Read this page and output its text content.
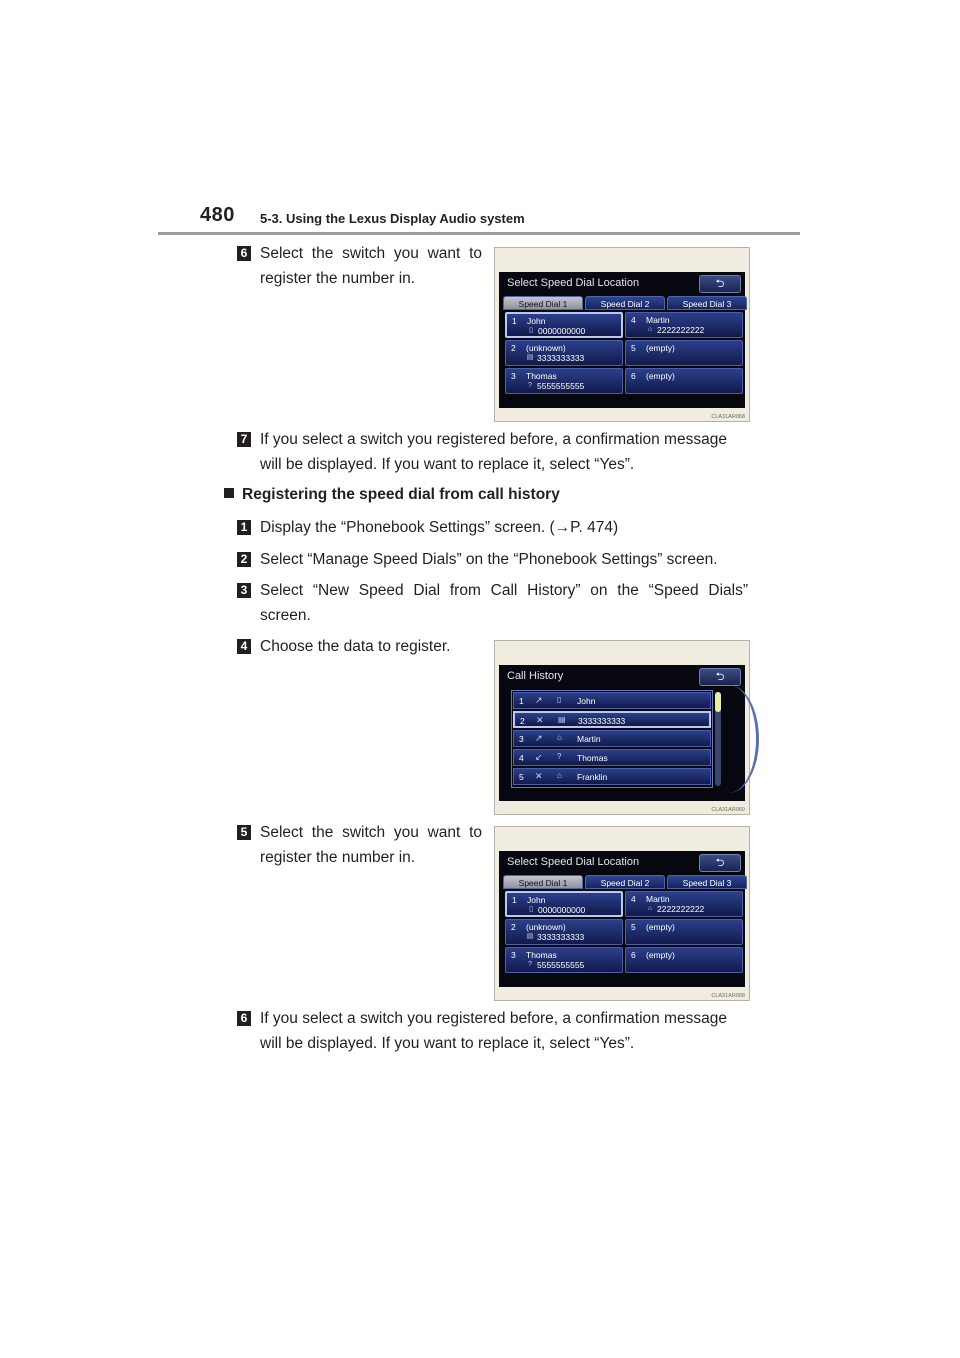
480 5-3. Using the Lexus Display Audio system
6 Select the switch you want to
register the number in.	Select Speed Dial Location	⮌
Speed Dial 1	Speed Dial 2	Speed Dial 3
1 John
▯ 0000000000
2 (unknown)
▤ 3333333333
3 Thomas
? 5555555555
4 Martin
⌂ 2222222222
5 (empty)
6 (empty)
CLA31AR068
7 If you select a switch you registered before, a confirmation message will be displayed. If you want to replace it, select “Yes”.
Registering the speed dial from call history
1 Display the “Phonebook Settings” screen. (→P. 474)
2 Select “Manage Speed Dials” on the “Phonebook Settings” screen.
3 Select “New Speed Dial from Call History” on the “Speed Dials”
screen.
4 Choose the data to register.
Call History	⮌
1 ↗ ▯ John
2 ✕ ▤ 3333333333
3 ↗ ⌂ Martin
4 ↙ ? Thomas
5 ✕ ⌂ Franklin
CLA31AR069
5 Select the switch you want to
register the number in.	Select Speed Dial Location	⮌
Speed Dial 1	Speed Dial 2	Speed Dial 3
1 John
▯ 0000000000
2 (unknown)
▤ 3333333333
3 Thomas
? 5555555555
4 Martin
⌂ 2222222222
5 (empty)
6 (empty)
CLA31AR068
6 If you select a switch you registered before, a confirmation message will be displayed. If you want to replace it, select “Yes”.
